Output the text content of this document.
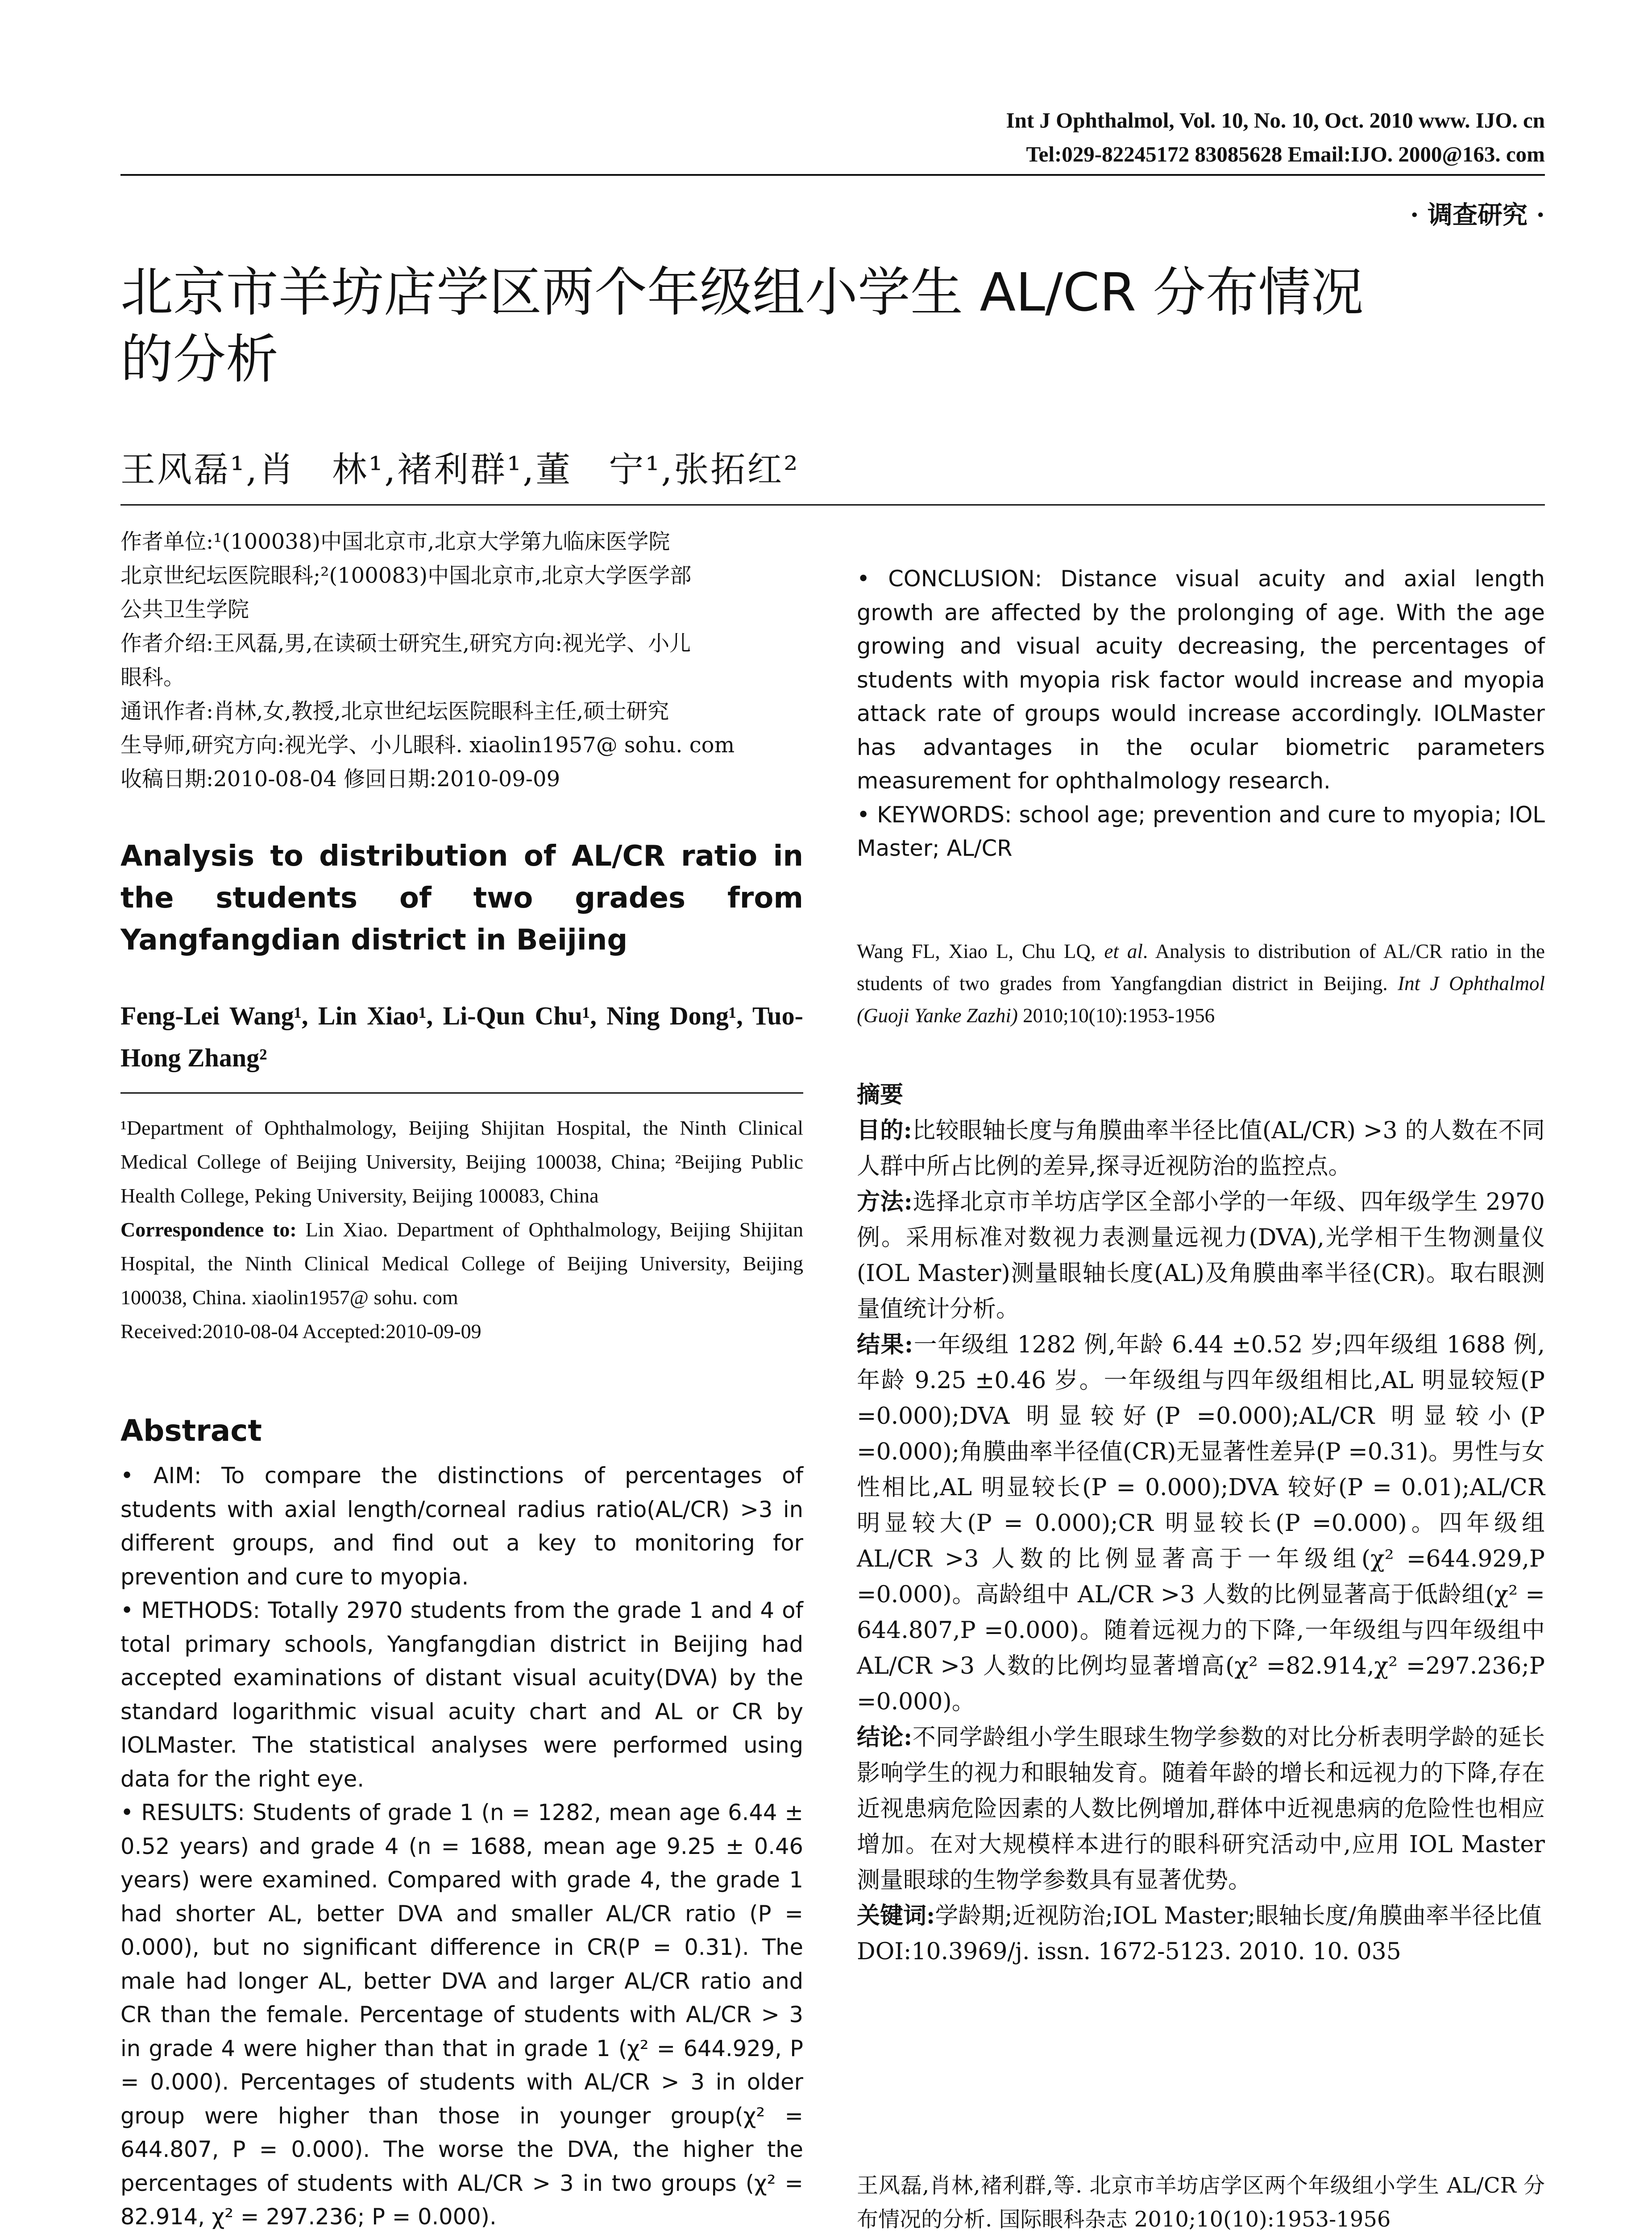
Int J Ophthalmol, Vol. 10, No. 10, Oct. 2010 www. IJO. cn
Tel:029-82245172 83085628 Email:IJO. 2000@163. com
· 调查研究 ·
北京市羊坊店学区两个年级组小学生 AL/CR 分布情况
的分析
王风磊¹,肖　林¹,褚利群¹,董　宁¹,张拓红²
作者单位:¹(100038)中国北京市,北京大学第九临床医学院
北京世纪坛医院眼科;²(100083)中国北京市,北京大学医学部
公共卫生学院
作者介绍:王风磊,男,在读硕士研究生,研究方向:视光学、小儿
眼科。
通讯作者:肖林,女,教授,北京世纪坛医院眼科主任,硕士研究
生导师,研究方向:视光学、小儿眼科. xiaolin1957@ sohu. com
收稿日期:2010-08-04 修回日期:2010-09-09
Analysis to distribution of AL/CR ratio in the students of two grades from Yangfangdian district in Beijing
Feng-Lei Wang¹, Lin Xiao¹, Li-Qun Chu¹, Ning Dong¹, Tuo-Hong Zhang²

¹Department of Ophthalmology, Beijing Shijitan Hospital, the Ninth Clinical Medical College of Beijing University, Beijing 100038, China; ²Beijing Public Health College, Peking University, Beijing 100083, China

Correspondence to: Lin Xiao. Department of Ophthalmology, Beijing Shijitan Hospital, the Ninth Clinical Medical College of Beijing University, Beijing 100038, China. xiaolin1957@ sohu. com

Received:2010-08-04 Accepted:2010-09-09

Abstract

• AIM: To compare the distinctions of percentages of students with axial length/corneal radius ratio(AL/CR) >3 in different groups, and find out a key to monitoring for prevention and cure to myopia.

• METHODS: Totally 2970 students from the grade 1 and 4 of total primary schools, Yangfangdian district in Beijing had accepted examinations of distant visual acuity(DVA) by the standard logarithmic visual acuity chart and AL or CR by IOLMaster. The statistical analyses were performed using data for the right eye.

• RESULTS: Students of grade 1 (n = 1282, mean age 6.44 ± 0.52 years) and grade 4 (n = 1688, mean age 9.25 ± 0.46 years) were examined. Compared with grade 4, the grade 1 had shorter AL, better DVA and smaller AL/CR ratio (P = 0.000), but no significant difference in CR(P = 0.31). The male had longer AL, better DVA and larger AL/CR ratio and CR than the female. Percentage of students with AL/CR > 3 in grade 4 were higher than that in grade 1 (χ² = 644.929, P = 0.000). Percentages of students with AL/CR > 3 in older group were higher than those in younger group(χ² = 644.807, P = 0.000). The worse the DVA, the higher the percentages of students with AL/CR > 3 in two groups (χ² = 82.914, χ² = 297.236; P = 0.000).

• CONCLUSION: Distance visual acuity and axial length growth are affected by the prolonging of age. With the age growing and visual acuity decreasing, the percentages of students with myopia risk factor would increase and myopia attack rate of groups would increase accordingly. IOLMaster has advantages in the ocular biometric parameters measurement for ophthalmology research.

• KEYWORDS: school age; prevention and cure to myopia; IOL Master; AL/CR

Wang FL, Xiao L, Chu LQ, et al. Analysis to distribution of AL/CR ratio in the students of two grades from Yangfangdian district in Beijing. Int J Ophthalmol (Guoji Yanke Zazhi) 2010;10(10):1953-1956

摘要

目的:比较眼轴长度与角膜曲率半径比值(AL/CR) >3 的人数在不同人群中所占比例的差异,探寻近视防治的监控点。

方法:选择北京市羊坊店学区全部小学的一年级、四年级学生 2970 例。采用标准对数视力表测量远视力(DVA),光学相干生物测量仪(IOL Master)测量眼轴长度(AL)及角膜曲率半径(CR)。取右眼测量值统计分析。

结果:一年级组 1282 例,年龄 6.44 ±0.52 岁;四年级组 1688 例,年龄 9.25 ±0.46 岁。一年级组与四年级组相比,AL 明显较短(P =0.000);DVA 明显较好(P =0.000);AL/CR 明显较小(P =0.000);角膜曲率半径值(CR)无显著性差异(P =0.31)。男性与女性相比,AL 明显较长(P = 0.000);DVA 较好(P = 0.01);AL/CR 明显较大(P = 0.000);CR 明显较长(P =0.000)。四年级组 AL/CR >3 人数的比例显著高于一年级组(χ² =644.929,P =0.000)。高龄组中 AL/CR >3 人数的比例显著高于低龄组(χ² = 644.807,P =0.000)。随着远视力的下降,一年级组与四年级组中 AL/CR >3 人数的比例均显著增高(χ² =82.914,χ² =297.236;P =0.000)。

结论:不同学龄组小学生眼球生物学参数的对比分析表明学龄的延长影响学生的视力和眼轴发育。随着年龄的增长和远视力的下降,存在近视患病危险因素的人数比例增加,群体中近视患病的危险性也相应增加。在对大规模样本进行的眼科研究活动中,应用 IOL Master 测量眼球的生物学参数具有显著优势。

关键词:学龄期;近视防治;IOL Master;眼轴长度/角膜曲率半径比值

DOI:10.3969/j. issn. 1672-5123. 2010. 10. 035

王风磊,肖林,褚利群,等. 北京市羊坊店学区两个年级组小学生 AL/CR 分布情况的分析. 国际眼科杂志 2010;10(10):1953-1956
